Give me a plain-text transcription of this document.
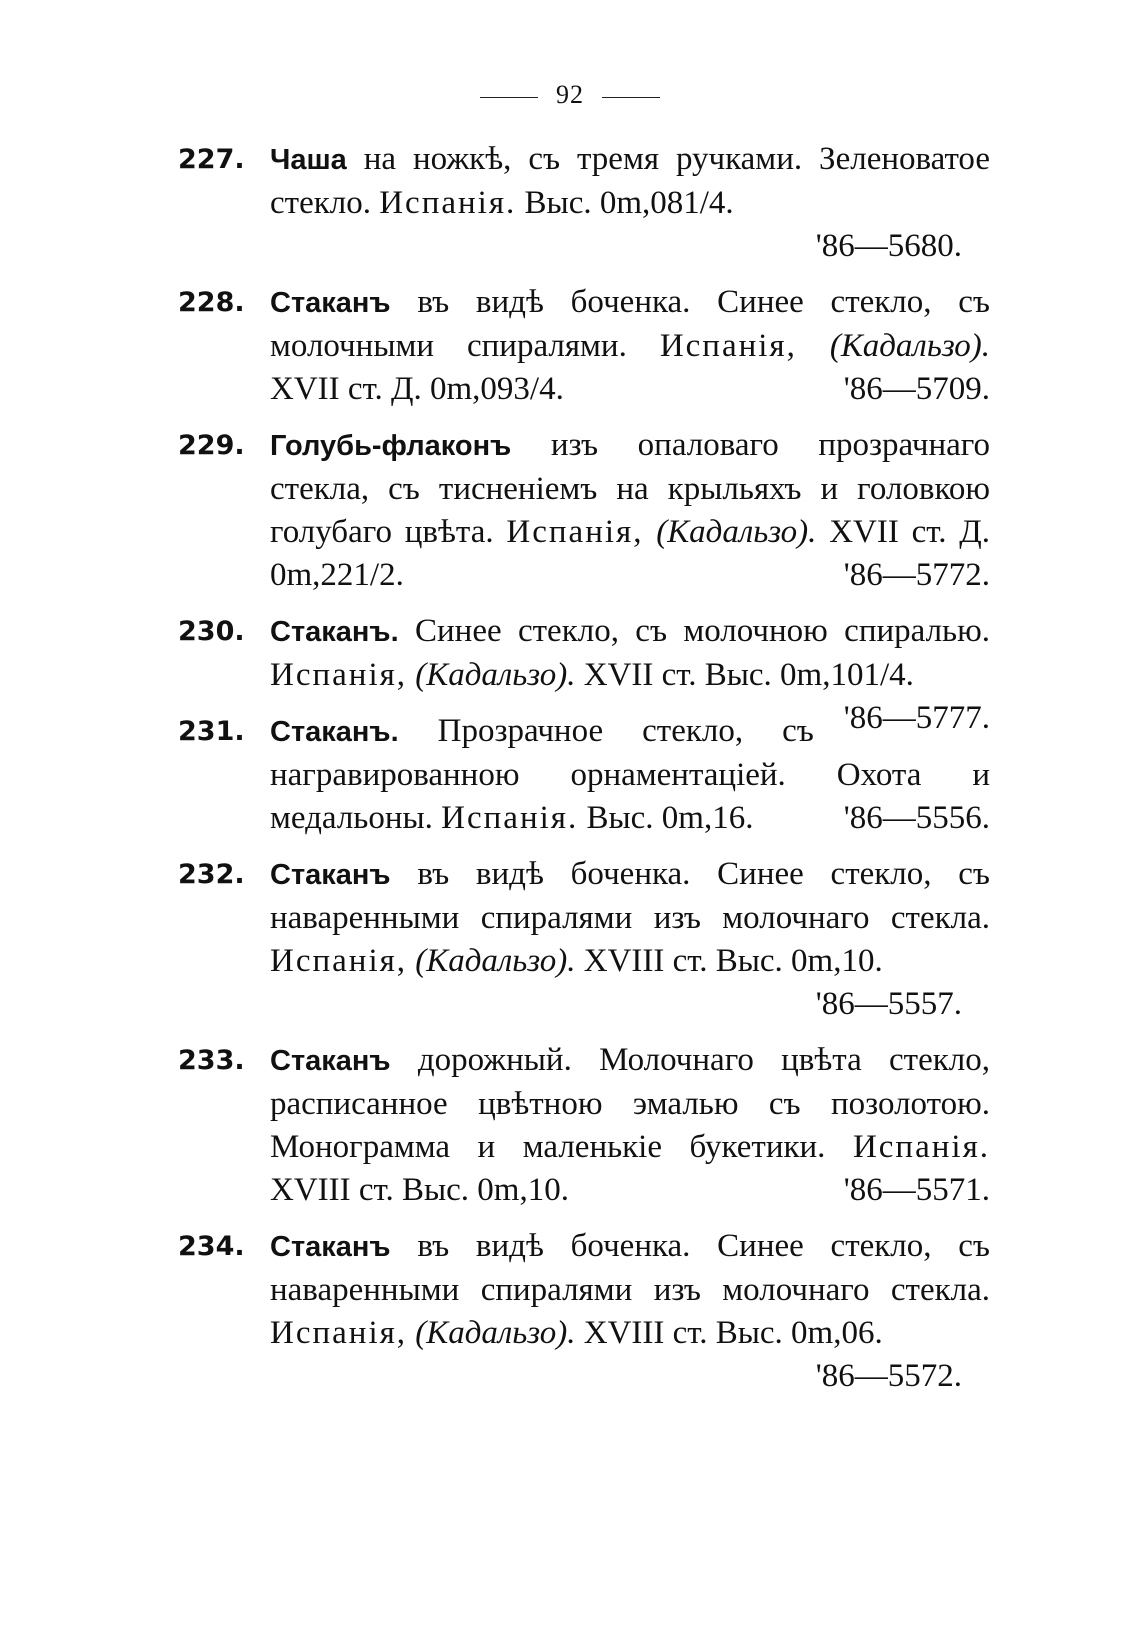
92
227. Чаша на ножкѣ, съ тремя ручками. Зеленоватое стекло. Испанія. Выс. 0m,081/4.
'86—5680.
228. Стаканъ въ видѣ боченка. Синее стекло, съ молочными спиралями. Испанія, (Кадальзо). XVII ст. Д. 0m,093/4.	'86—5709.
229. Голубь-флаконъ изъ опаловаго прозрачнаго стекла, съ тисненіемъ на крыльяхъ и головкою голубаго цвѣта. Испанія, (Кадальзо). XVII ст. Д. 0m,221/2.	'86—5772.
230. Стаканъ. Синее стекло, съ молочною спиралью. Испанія, (Кадальзо). XVII ст. Выс. 0m,101/4.
'86—5777.
231. Стаканъ. Прозрачное стекло, съ награвированною орнаментаціей. Охота и медальоны. Испанія. Выс. 0m,16.	'86—5556.
232. Стаканъ въ видѣ боченка. Синее стекло, съ наваренными спиралями изъ молочнаго стекла. Испанія, (Кадальзо). XVIII ст. Выс. 0m,10.
'86—5557.
233. Стаканъ дорожный. Молочнаго цвѣта стекло, расписанное цвѣтною эмалью съ позолотою. Монограмма и маленькіе букетики. Испанія. XVIII ст. Выс. 0m,10.	'86—5571.
234. Стаканъ въ видѣ боченка. Синее стекло, съ наваренными спиралями изъ молочнаго стекла. Испанія, (Кадальзо). XVIII ст. Выс. 0m,06.
'86—5572.
